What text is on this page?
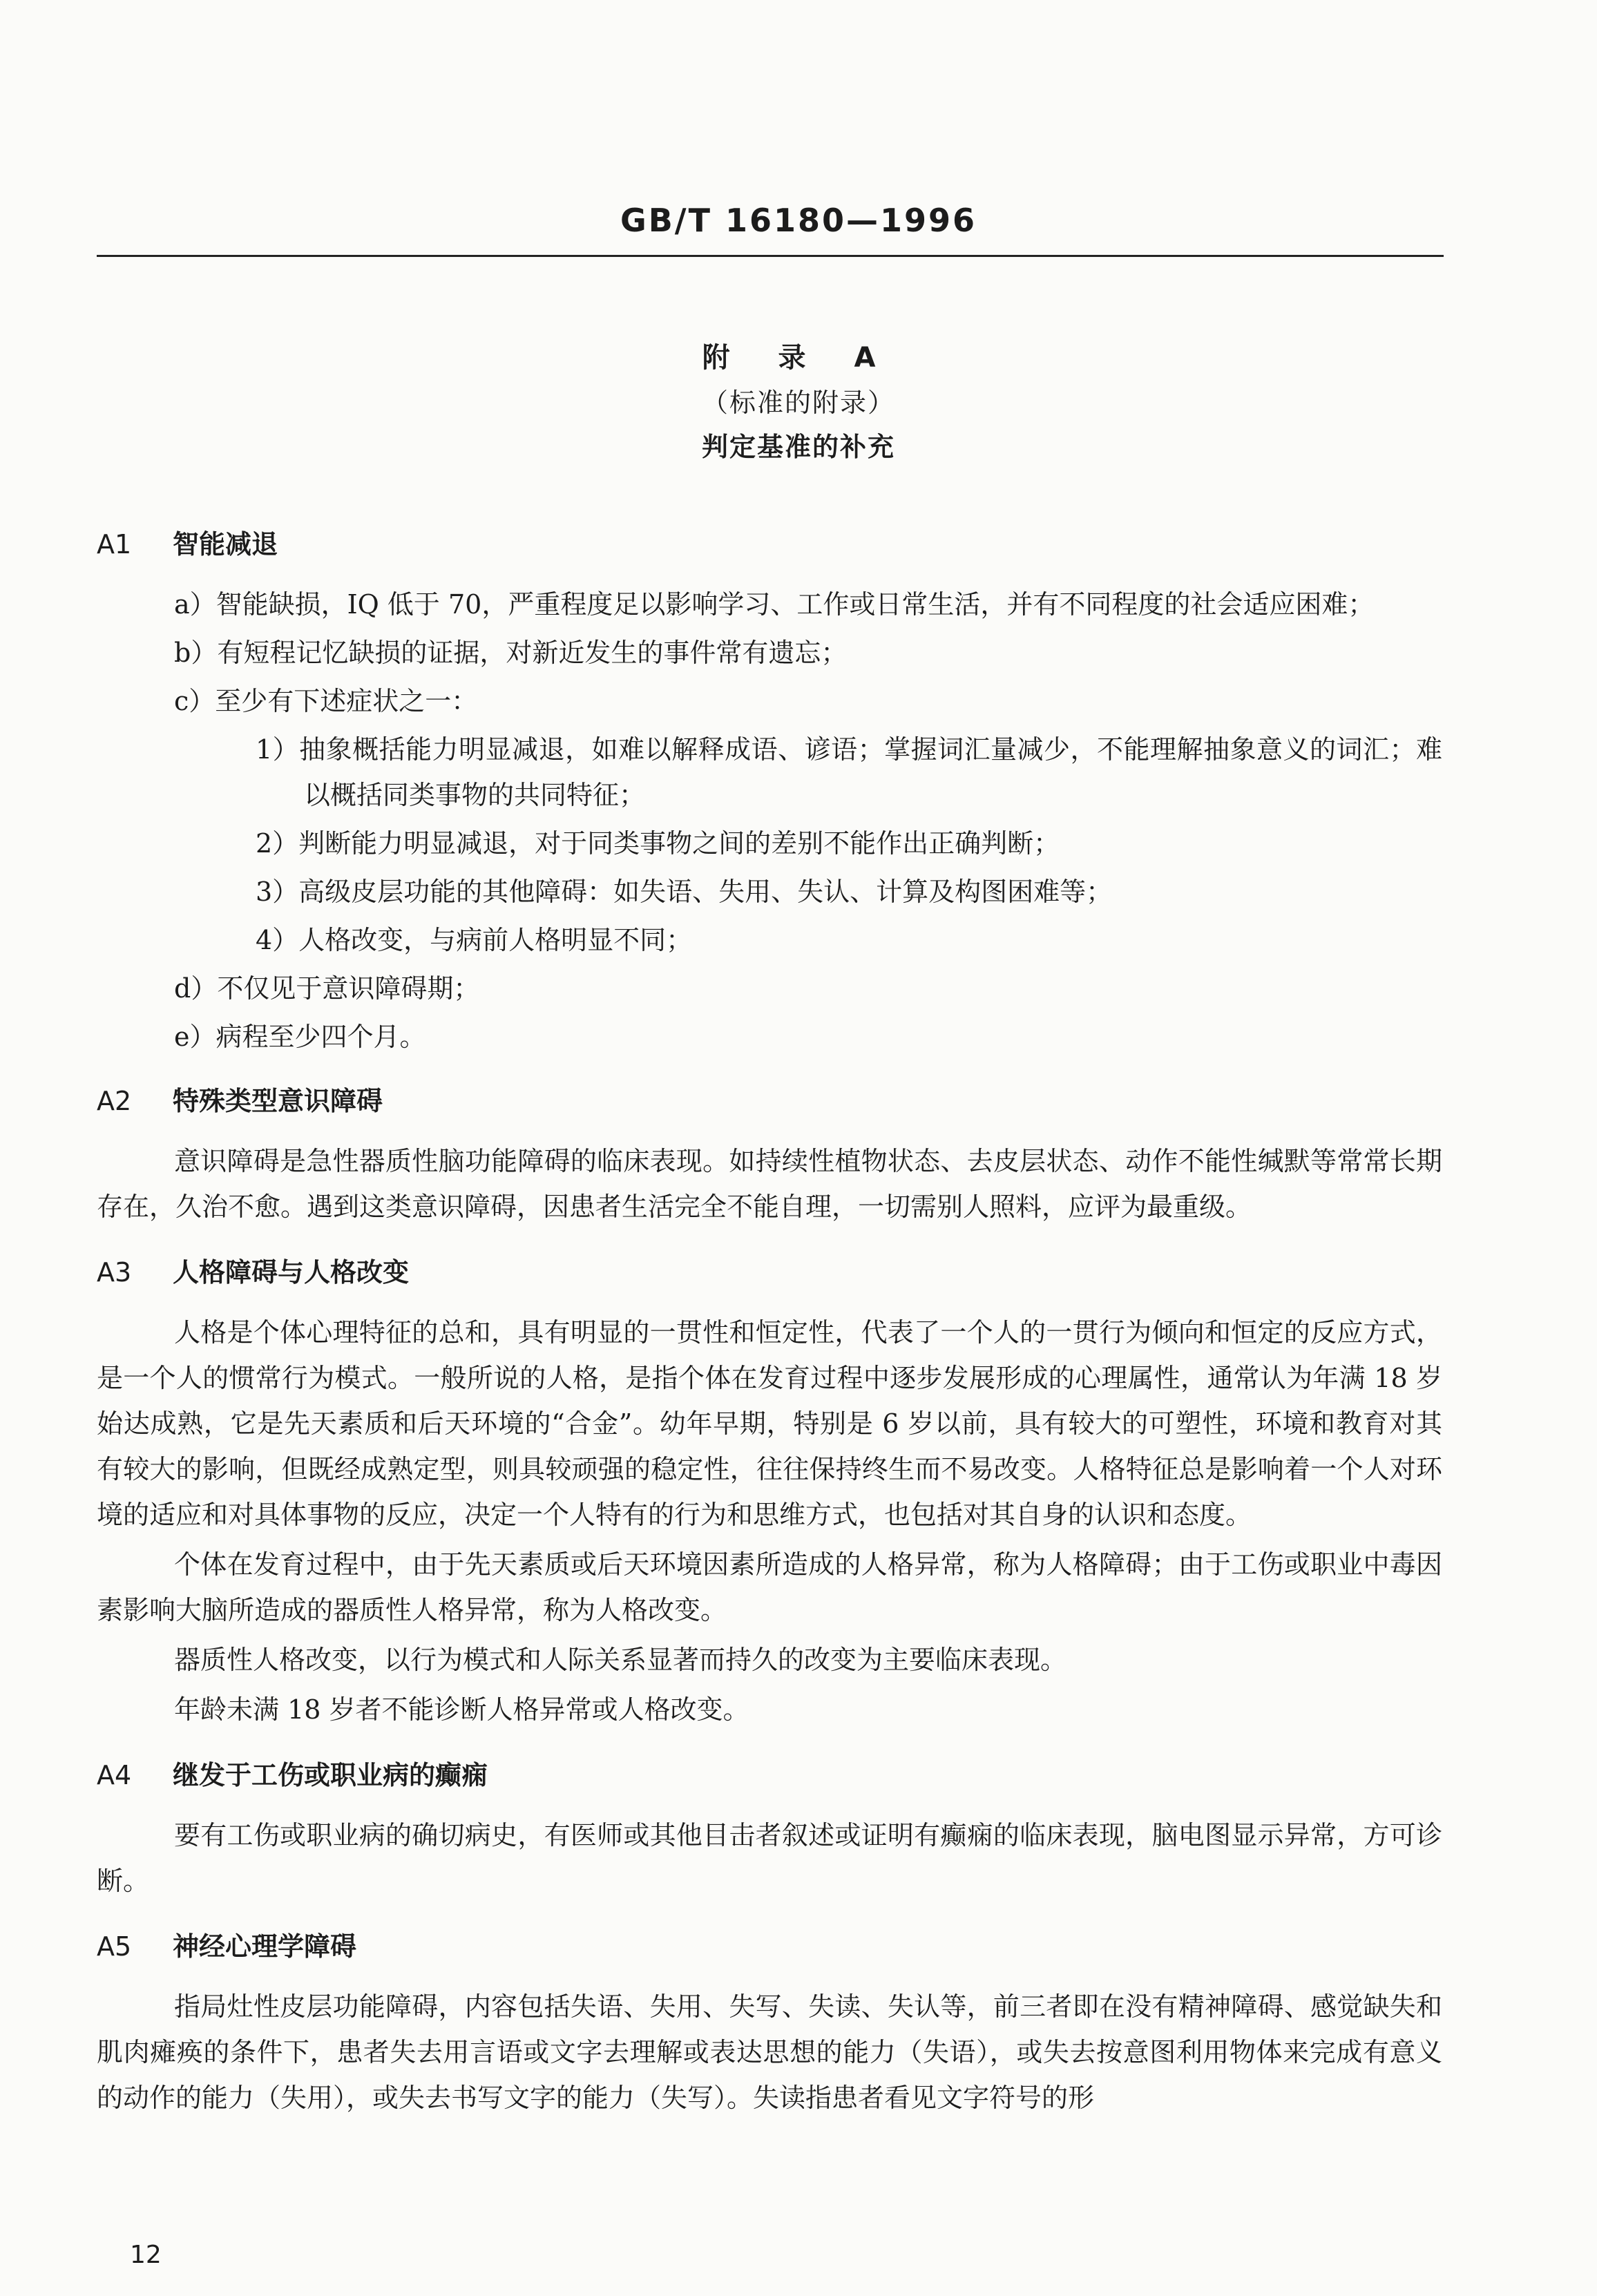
GB/T 16180—1996
附 录 A
（标准的附录）
判定基准的补充
A1 智能减退

a）智能缺损，IQ 低于 70，严重程度足以影响学习、工作或日常生活，并有不同程度的社会适应困难；

b）有短程记忆缺损的证据，对新近发生的事件常有遗忘；

c）至少有下述症状之一：

1）抽象概括能力明显减退，如难以解释成语、谚语；掌握词汇量减少，不能理解抽象意义的词汇；难以概括同类事物的共同特征；

2）判断能力明显减退，对于同类事物之间的差别不能作出正确判断；

3）高级皮层功能的其他障碍：如失语、失用、失认、计算及构图困难等；

4）人格改变，与病前人格明显不同；

d）不仅见于意识障碍期；

e）病程至少四个月。

A2 特殊类型意识障碍

意识障碍是急性器质性脑功能障碍的临床表现。如持续性植物状态、去皮层状态、动作不能性缄默等常常长期存在，久治不愈。遇到这类意识障碍，因患者生活完全不能自理，一切需别人照料，应评为最重级。

A3 人格障碍与人格改变

人格是个体心理特征的总和，具有明显的一贯性和恒定性，代表了一个人的一贯行为倾向和恒定的反应方式，是一个人的惯常行为模式。一般所说的人格，是指个体在发育过程中逐步发展形成的心理属性，通常认为年满 18 岁始达成熟，它是先天素质和后天环境的“合金”。幼年早期，特别是 6 岁以前，具有较大的可塑性，环境和教育对其有较大的影响，但既经成熟定型，则具较顽强的稳定性，往往保持终生而不易改变。人格特征总是影响着一个人对环境的适应和对具体事物的反应，决定一个人特有的行为和思维方式，也包括对其自身的认识和态度。

个体在发育过程中，由于先天素质或后天环境因素所造成的人格异常，称为人格障碍；由于工伤或职业中毒因素影响大脑所造成的器质性人格异常，称为人格改变。

器质性人格改变，以行为模式和人际关系显著而持久的改变为主要临床表现。

年龄未满 18 岁者不能诊断人格异常或人格改变。

A4 继发于工伤或职业病的癫痫

要有工伤或职业病的确切病史，有医师或其他目击者叙述或证明有癫痫的临床表现，脑电图显示异常，方可诊断。

A5 神经心理学障碍

指局灶性皮层功能障碍，内容包括失语、失用、失写、失读、失认等，前三者即在没有精神障碍、感觉缺失和肌肉瘫痪的条件下，患者失去用言语或文字去理解或表达思想的能力（失语），或失去按意图利用物体来完成有意义的动作的能力（失用），或失去书写文字的能力（失写）。失读指患者看见文字符号的形

12
